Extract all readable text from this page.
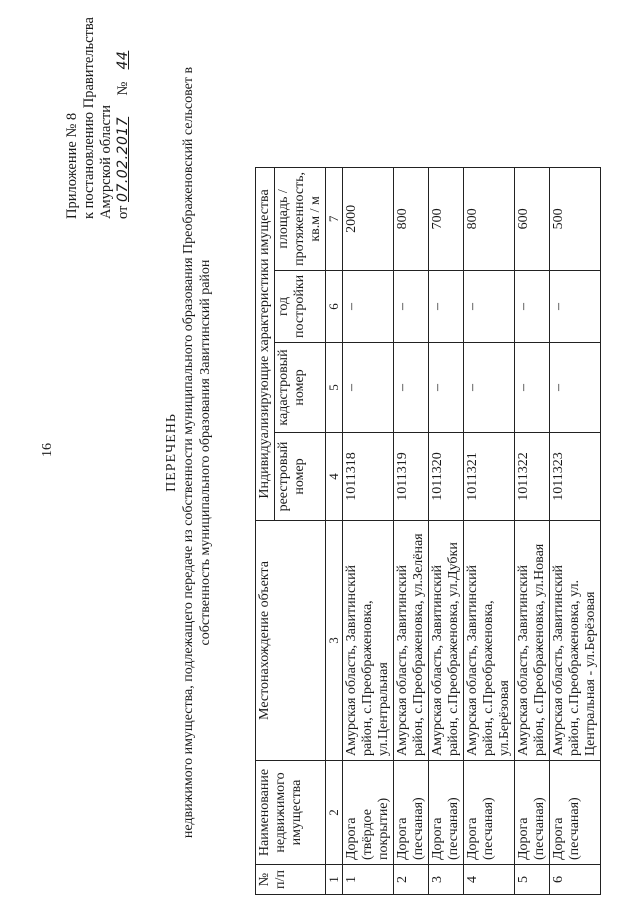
16
Приложение № 8 к постановлению Правительства Амурской области от 07.02.2017  № 44
ПЕРЕЧЕНЬ недвижимого имущества, подлежащего передаче из собственности муниципального образования Преображеновский сельсовет в собственность муниципального образования Завитинский район
№ п/п	Наименование недвижимого имущества	Местонахождение объекта	Индивидуализирующие характеристики имущества			
			реестровый номер	кадастровый номер	год постройки	площадь / протяженность, кв.м / м
1	2	3	4	5	6	7
1	Дорога (твёрдое покрытие)	Амурская область, Завитинский район, с.Преображеновка, ул.Центральная	1011318	–	–	2000
2	Дорога (песчаная)	Амурская область, Завитинский район, с.Преображеновка, ул.Зелёная	1011319	–	–	800
3	Дорога (песчаная)	Амурская область, Завитинский район, с.Преображеновка, ул.Дубки	1011320	–	–	700
4	Дорога (песчаная)	Амурская область, Завитинский район, с.Преображеновка, ул.Берёзовая	1011321	–	–	800
5	Дорога (песчаная)	Амурская область, Завитинский район, с.Преображеновка, ул.Новая	1011322	–	–	600
6	Дорога (песчаная)	Амурская область, Завитинский район, с.Преображеновка, ул. Центральная - ул.Берёзовая	1011323	–	–	500
